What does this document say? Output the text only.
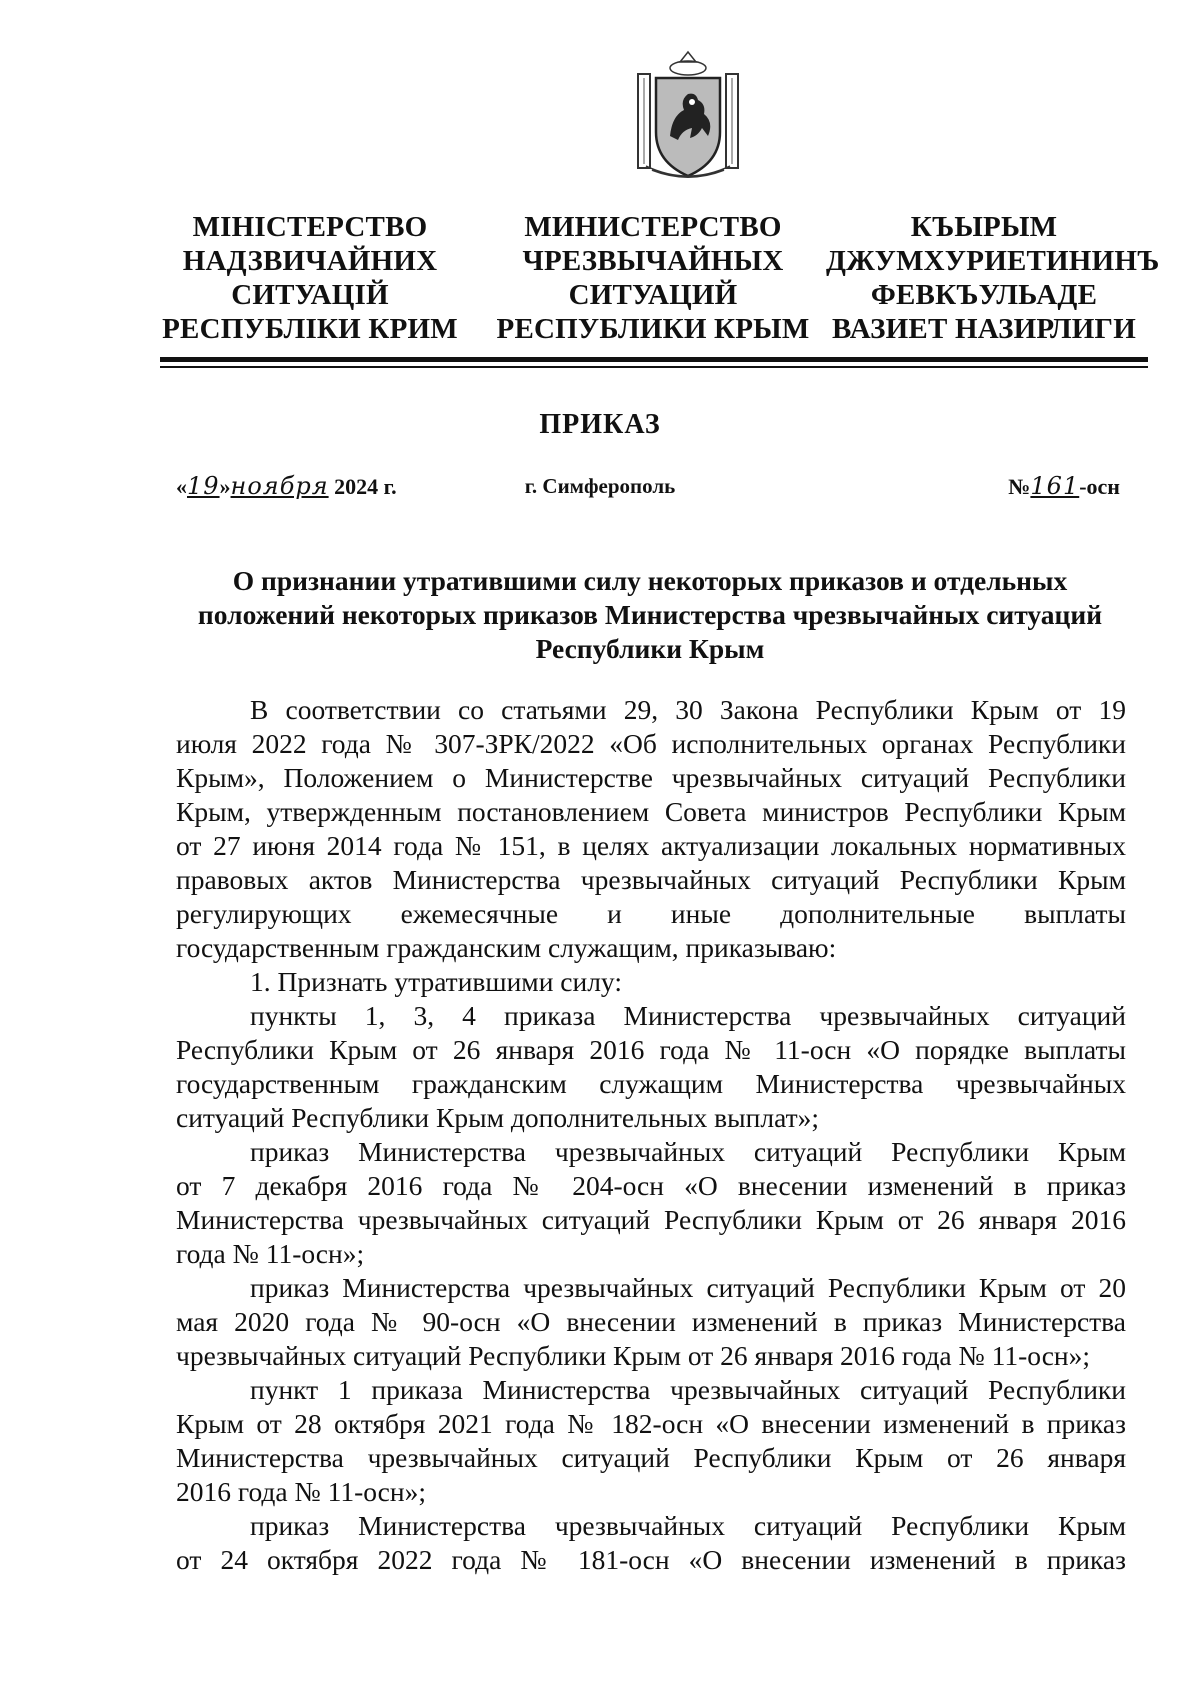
МІНІСТЕРСТВО
НАДЗВИЧАЙНИХ
СИТУАЦІЙ
РЕСПУБЛІКИ КРИМ
МИНИСТЕРСТВО
ЧРЕЗВЫЧАЙНЫХ
СИТУАЦИЙ
РЕСПУБЛИКИ КРЫМ
КЪЫРЫМ
ДЖУМХУРИЕТИНИНЪ
ФЕВКЪУЛЬАДЕ
ВАЗИЕТ НАЗИРЛИГИ
ПРИКАЗ
«19»ноября 2024 г.	г. Симферополь	№161-осн
О признании утратившими силу некоторых приказов и отдельных
положений некоторых приказов Министерства чрезвычайных ситуаций
Республики Крым
В соответствии со статьями 29, 30 Закона Республики Крым от 19
июля 2022 года № 307-ЗРК/2022 «Об исполнительных органах Республики
Крым», Положением о Министерстве чрезвычайных ситуаций Республики
Крым, утвержденным постановлением Совета министров Республики Крым
от 27 июня 2014 года № 151, в целях актуализации локальных нормативных
правовых актов Министерства чрезвычайных ситуаций Республики Крым
регулирующих ежемесячные и иные дополнительные выплаты
государственным гражданским служащим, приказываю:
1. Признать утратившими силу:
пункты 1, 3, 4 приказа Министерства чрезвычайных ситуаций
Республики Крым от 26 января 2016 года № 11-осн «О порядке выплаты
государственным гражданским служащим Министерства чрезвычайных
ситуаций Республики Крым дополнительных выплат»;
приказ Министерства чрезвычайных ситуаций Республики Крым
от 7 декабря 2016 года № 204-осн «О внесении изменений в приказ
Министерства чрезвычайных ситуаций Республики Крым от 26 января 2016
года № 11-осн»;
приказ Министерства чрезвычайных ситуаций Республики Крым от 20
мая 2020 года № 90-осн «О внесении изменений в приказ Министерства
чрезвычайных ситуаций Республики Крым от 26 января 2016 года № 11-осн»;
пункт 1 приказа Министерства чрезвычайных ситуаций Республики
Крым от 28 октября 2021 года № 182-осн «О внесении изменений в приказ
Министерства чрезвычайных ситуаций Республики Крым от 26 января
2016 года № 11-осн»;
приказ Министерства чрезвычайных ситуаций Республики Крым
от 24 октября 2022 года № 181-осн «О внесении изменений в приказ
